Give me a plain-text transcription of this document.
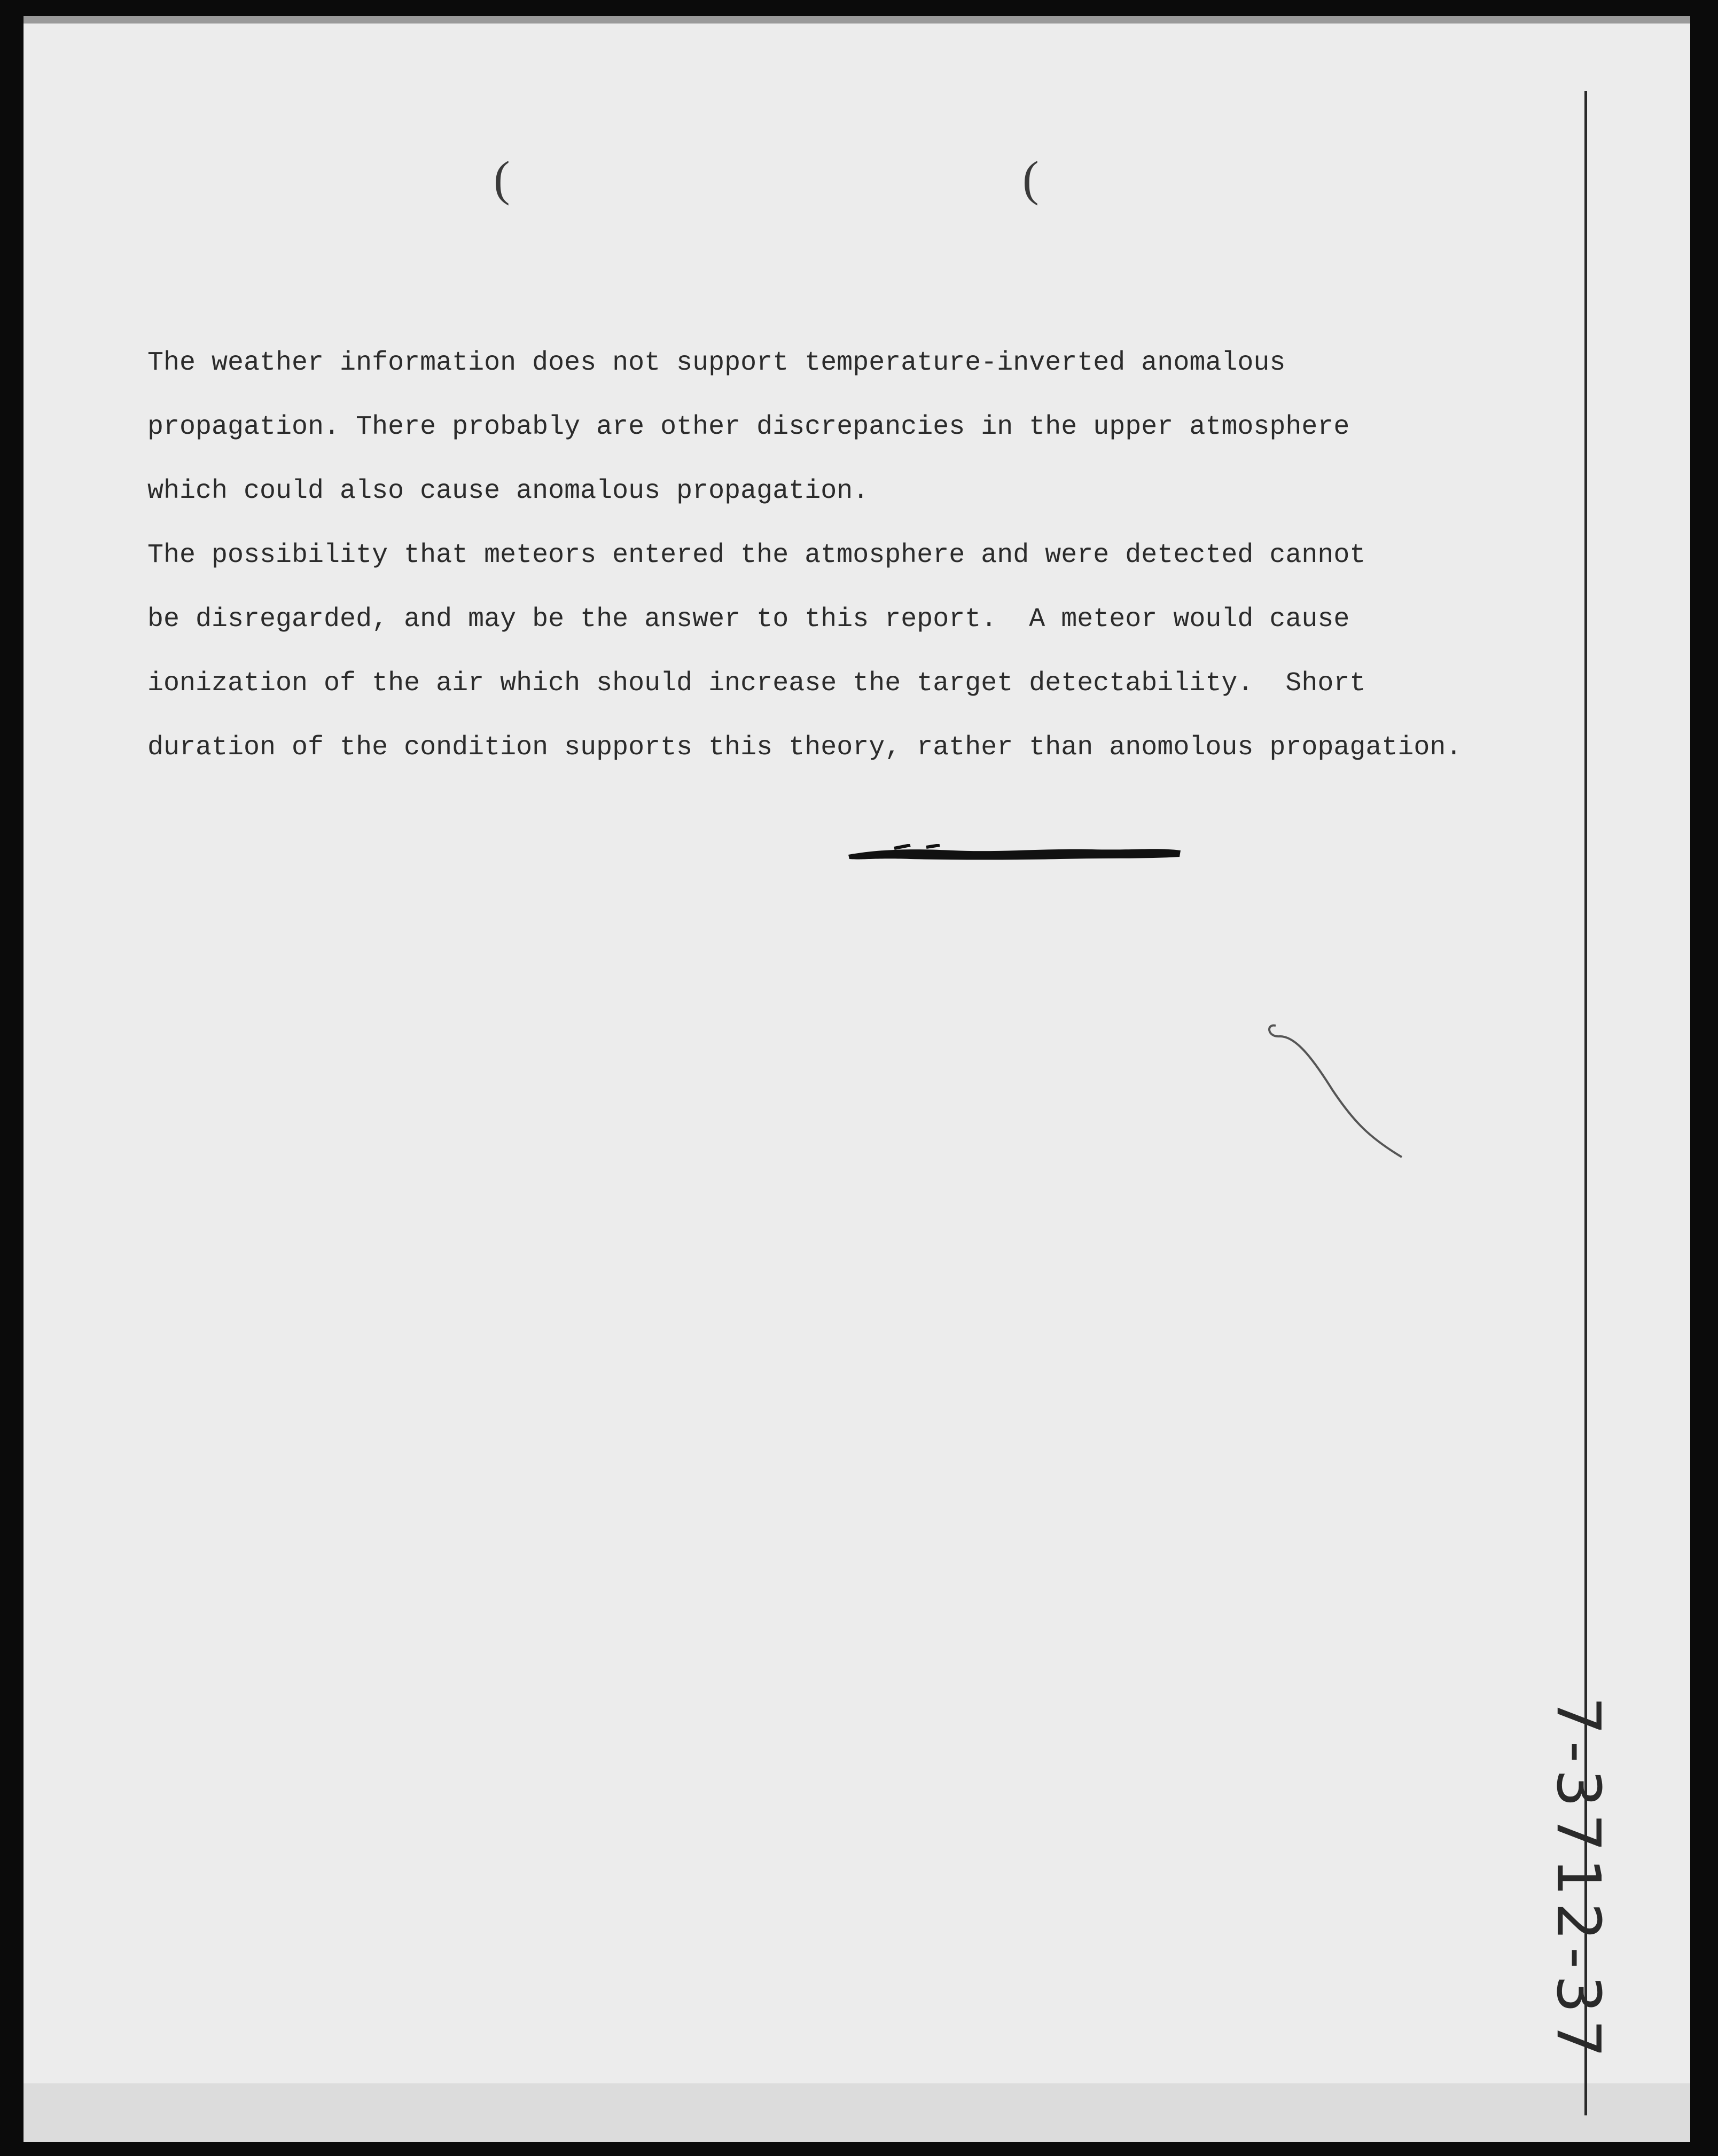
(	(
The weather information does not support temperature-inverted anomalous
propagation. There probably are other discrepancies in the upper atmosphere
which could also cause anomalous propagation.
The possibility that meteors entered the atmosphere and were detected cannot
be disregarded, and may be the answer to this report.  A meteor would cause
ionization of the air which should increase the target detectability.  Short
duration of the condition supports this theory, rather than anomolous propagation.
7-3712-37
